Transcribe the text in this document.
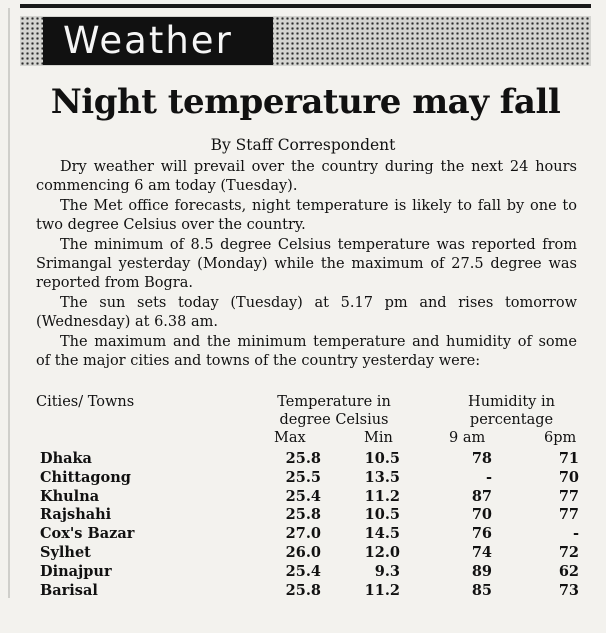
Weather
Night temperature may fall

By Staff Correspondent

Dry weather will prevail over the country during the next 24 hours commencing 6 am today (Tuesday).

The Met office forecasts, night temperature is likely to fall by one to two degree Celsius over the country.

The minimum of 8.5 degree Celsius temperature was reported from Srimangal yesterday (Monday) while the maximum of 27.5 degree was reported from Bogra.

The sun sets today (Tuesday) at 5.17 pm and rises tomorrow (Wednesday) at 6.38 am.

The maximum and the minimum temperature and humidity of some of the major cities and towns of the country yesterday were:

Cities/ Towns	Temperature in
degree Celsius
Humidity in
percentage
Max	Min	9 am	6pm
Dhaka	25.8	10.5	78	71
Chittagong	25.5	13.5	-	70
Khulna	25.4	11.2	87	77
Rajshahi	25.8	10.5	70	77
Cox's Bazar	27.0	14.5	76	-
Sylhet	26.0	12.0	74	72
Dinajpur	25.4	9.3	89	62
Barisal	25.8	11.2	85	73
